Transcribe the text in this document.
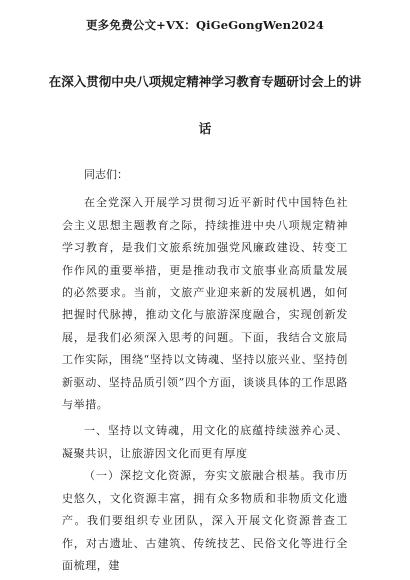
更多免费公文+VX：QiGeGongWen2024
在深入贯彻中央八项规定精神学习教育专题研讨会上的讲
话

同志们：

在全党深入开展学习贯彻习近平新时代中国特色社会主义思想主题教育之际，持续推进中央八项规定精神学习教育，是我们文旅系统加强党风廉政建设、转变工作作风的重要举措，更是推动我市文旅事业高质量发展的必然要求。当前，文旅产业迎来新的发展机遇，如何把握时代脉搏，推动文化与旅游深度融合，实现创新发展，是我们必须深入思考的问题。下面，我结合文旅局工作实际，围绕“坚持以文铸魂、坚持以旅兴业、坚持创新驱动、坚持品质引领”四个方面，谈谈具体的工作思路与举措。

一、坚持以文铸魂，用文化的底蕴持续滋养心灵、凝聚共识，让旅游因文化而更有厚度

（一）深挖文化资源，夯实文旅融合根基。我市历史悠久，文化资源丰富，拥有众多物质和非物质文化遗产。我们要组织专业团队，深入开展文化资源普查工作，对古遗址、古建筑、传统技艺、民俗文化等进行全面梳理，建
